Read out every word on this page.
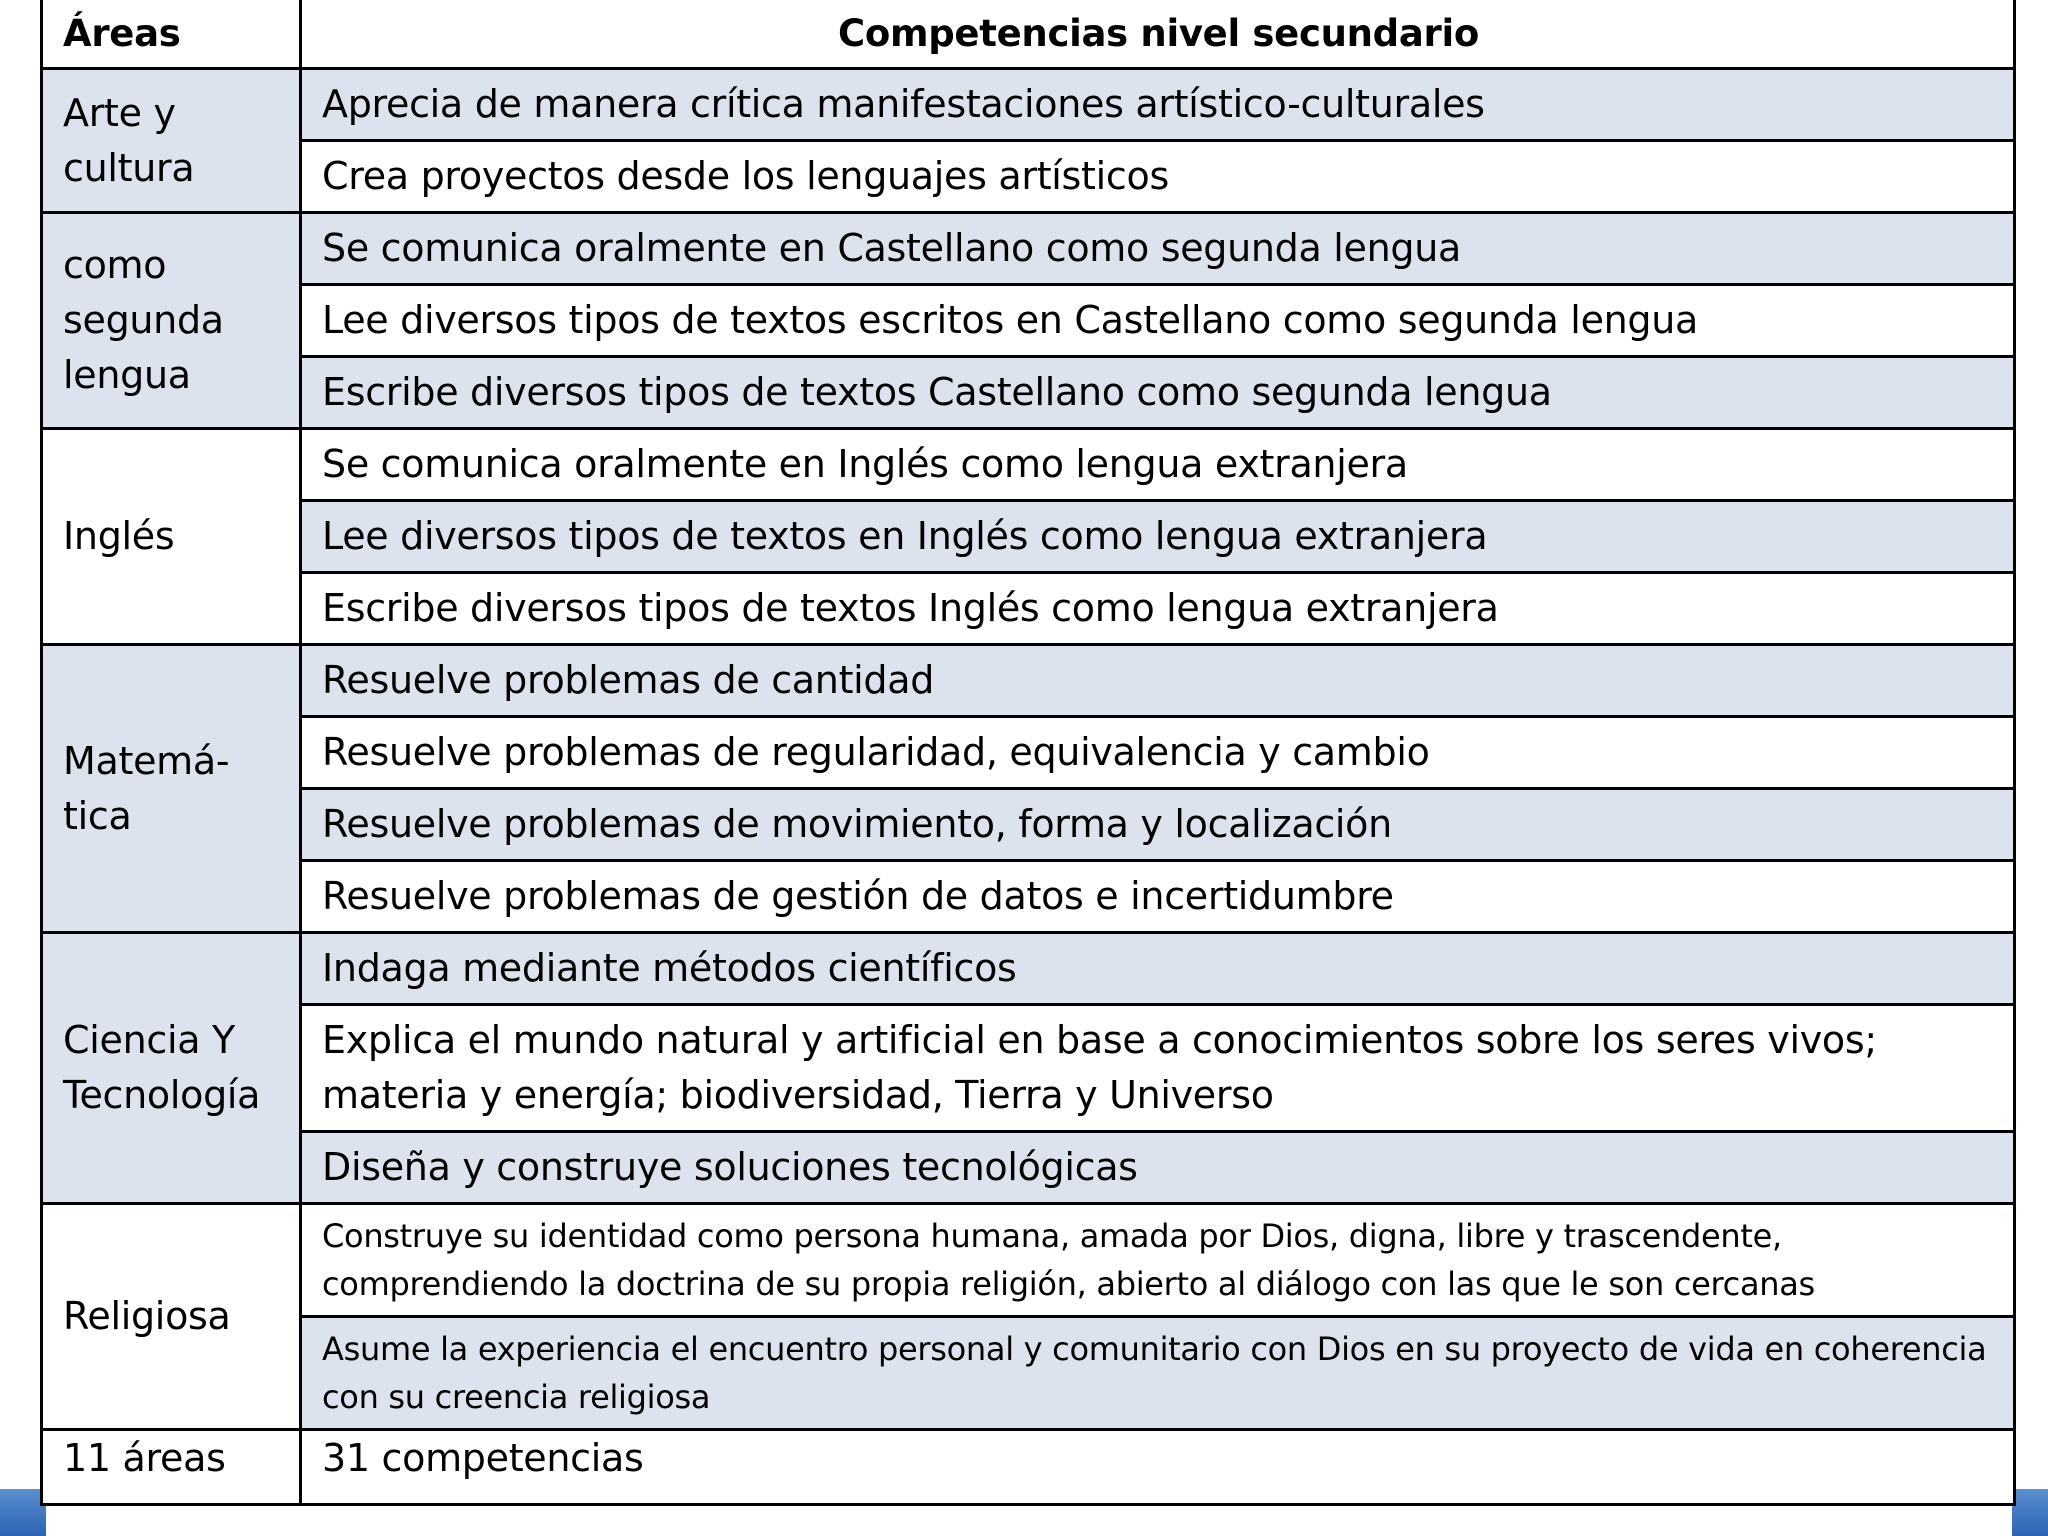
Áreas	Competencias nivel secundario
Arte y cultura	Aprecia de manera crítica manifestaciones artístico-culturales
	Crea proyectos desde los lenguajes artísticos
como segunda lengua	Se comunica oralmente en Castellano como segunda lengua
	Lee diversos tipos de textos escritos en Castellano como segunda lengua
	Escribe diversos tipos de textos Castellano como segunda lengua
Inglés	Se comunica oralmente en Inglés como lengua extranjera
	Lee diversos tipos de textos en Inglés como lengua extranjera
	Escribe diversos tipos de textos Inglés como lengua extranjera
Matemá-tica	Resuelve problemas de cantidad
	Resuelve problemas de regularidad, equivalencia y cambio
	Resuelve problemas de movimiento, forma y localización
	Resuelve problemas de gestión de datos e incertidumbre
Ciencia Y Tecnología	Indaga mediante métodos científicos
	Explica el mundo natural y artificial en base a conocimientos sobre los seres vivos; materia y energía; biodiversidad, Tierra y Universo
	Diseña y construye soluciones tecnológicas
Religiosa	Construye su identidad como persona humana, amada por Dios, digna, libre y trascendente, comprendiendo la doctrina de su propia religión, abierto al diálogo con las que le son cercanas
	Asume la experiencia el encuentro personal y comunitario con Dios en su proyecto de vida en coherencia con su creencia religiosa
11 áreas	31 competencias
